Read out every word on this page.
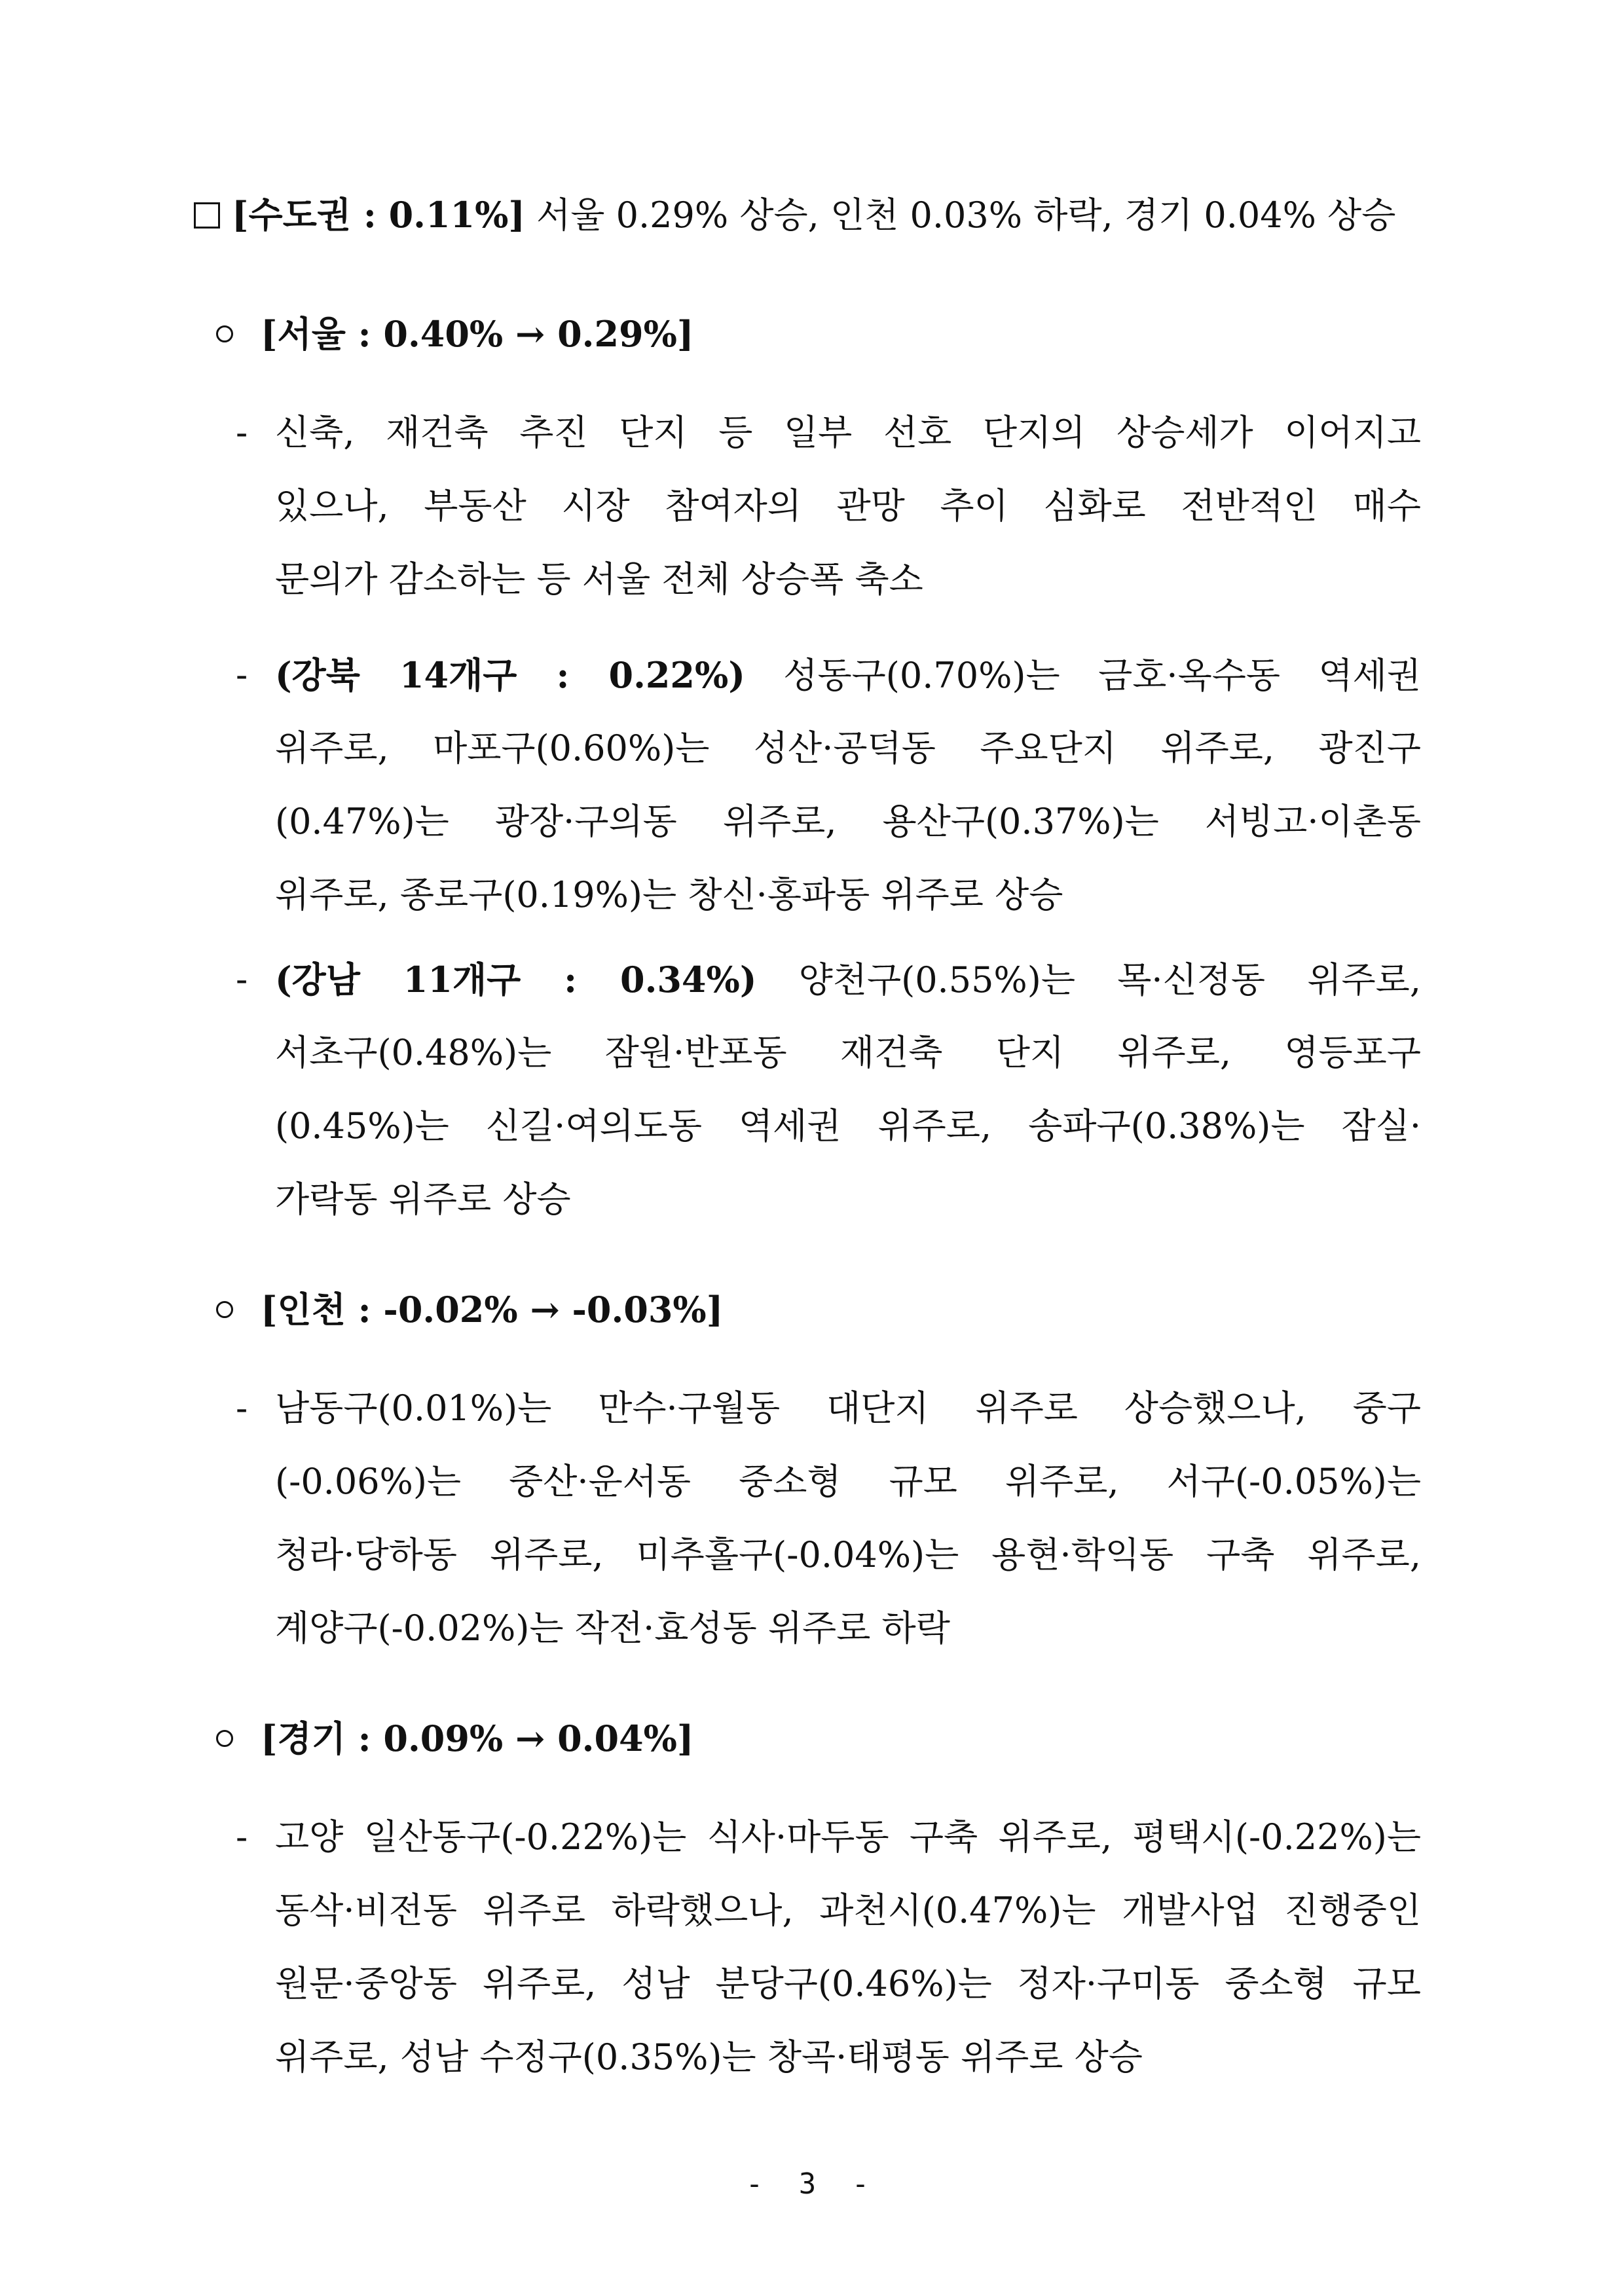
[수도권 : 0.11%] 서울 0.29% 상승, 인천 0.03% 하락, 경기 0.04% 상승
[서울 : 0.40% → 0.29%]
- 신축, 재건축 추진 단지 등 일부 선호 단지의 상승세가 이어지고
있으나, 부동산 시장 참여자의 관망 추이 심화로 전반적인 매수
문의가 감소하는 등 서울 전체 상승폭 축소
- (강북 14개구 : 0.22%) 성동구(0.70%)는 금호·옥수동 역세권
위주로, 마포구(0.60%)는 성산·공덕동 주요단지 위주로, 광진구
(0.47%)는 광장·구의동 위주로, 용산구(0.37%)는 서빙고·이촌동
위주로, 종로구(0.19%)는 창신·홍파동 위주로 상승
- (강남 11개구 : 0.34%) 양천구(0.55%)는 목·신정동 위주로,
서초구(0.48%)는 잠원·반포동 재건축 단지 위주로, 영등포구
(0.45%)는 신길·여의도동 역세권 위주로, 송파구(0.38%)는 잠실·
가락동 위주로 상승
[인천 : -0.02% → -0.03%]
- 남동구(0.01%)는 만수·구월동 대단지 위주로 상승했으나, 중구
(-0.06%)는 중산·운서동 중소형 규모 위주로, 서구(-0.05%)는
청라·당하동 위주로, 미추홀구(-0.04%)는 용현·학익동 구축 위주로,
계양구(-0.02%)는 작전·효성동 위주로 하락
[경기 : 0.09% → 0.04%]
- 고양 일산동구(-0.22%)는 식사·마두동 구축 위주로, 평택시(-0.22%)는
동삭·비전동 위주로 하락했으나, 과천시(0.47%)는 개발사업 진행중인
원문·중앙동 위주로, 성남 분당구(0.46%)는 정자·구미동 중소형 규모
위주로, 성남 수정구(0.35%)는 창곡·태평동 위주로 상승
- 3 -
